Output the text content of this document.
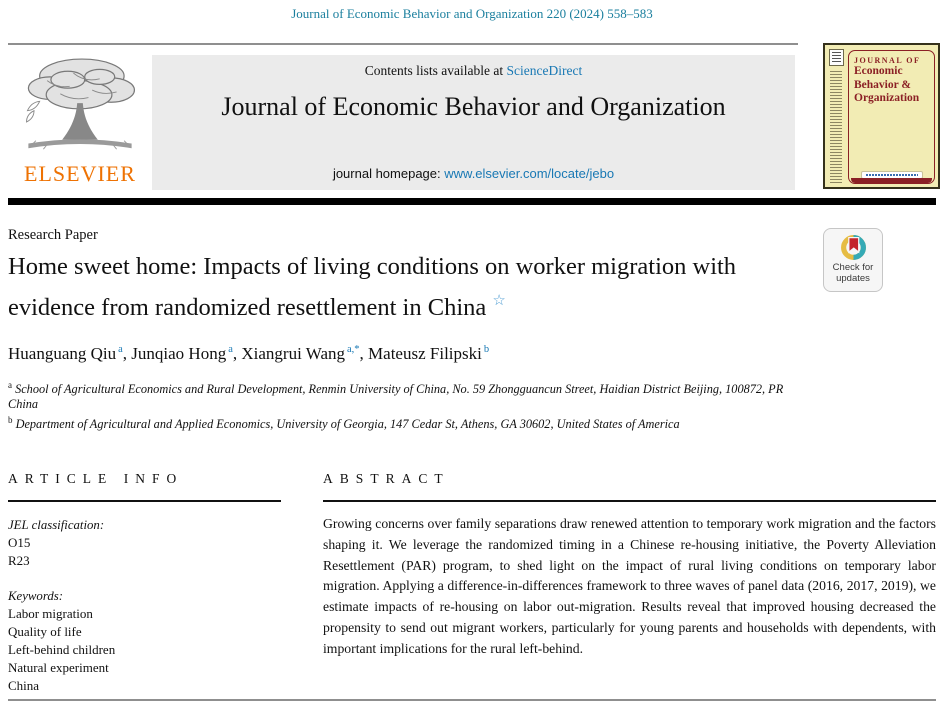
Journal of Economic Behavior and Organization 220 (2024) 558–583
ELSEVIER
Contents lists available at ScienceDirect
Journal of Economic Behavior and Organization
journal homepage: www.elsevier.com/locate/jebo
JOURNAL OF
Economic
Behavior &
Organization
Research Paper
Home sweet home: Impacts of living conditions on worker migration with evidence from randomized resettlement in China ☆
Huanguang Qiu $^a$, Junqiao Hong $^a$, Xiangrui Wang $^{a,*}$, Mateusz Filipski $^b$
$^a$ School of Agricultural Economics and Rural Development, Renmin University of China, No. 59 Zhongguancun Street, Haidian District Beijing, 100872, PR China
$^b$ Department of Agricultural and Applied Economics, University of Georgia, 147 Cedar St, Athens, GA 30602, United States of America
Check for updates
ARTICLE INFO	ABSTRACT
JEL classification:
O15
R23
Keywords:
Labor migration
Quality of life
Left-behind children
Natural experiment
China
Growing concerns over family separations draw renewed attention to temporary work migration and the factors shaping it. We leverage the randomized timing in a Chinese re-housing initiative, the Poverty Alleviation Resettlement (PAR) program, to shed light on the impact of rural living conditions on temporary labor migration. Applying a difference-in-differences framework to three waves of panel data (2016, 2017, 2019), we estimate impacts of re-housing on labor out-migration. Results reveal that improved housing decreased the propensity to send out migrant workers, particularly for young parents and households with dependents, with important implications for the rural left-behind.
